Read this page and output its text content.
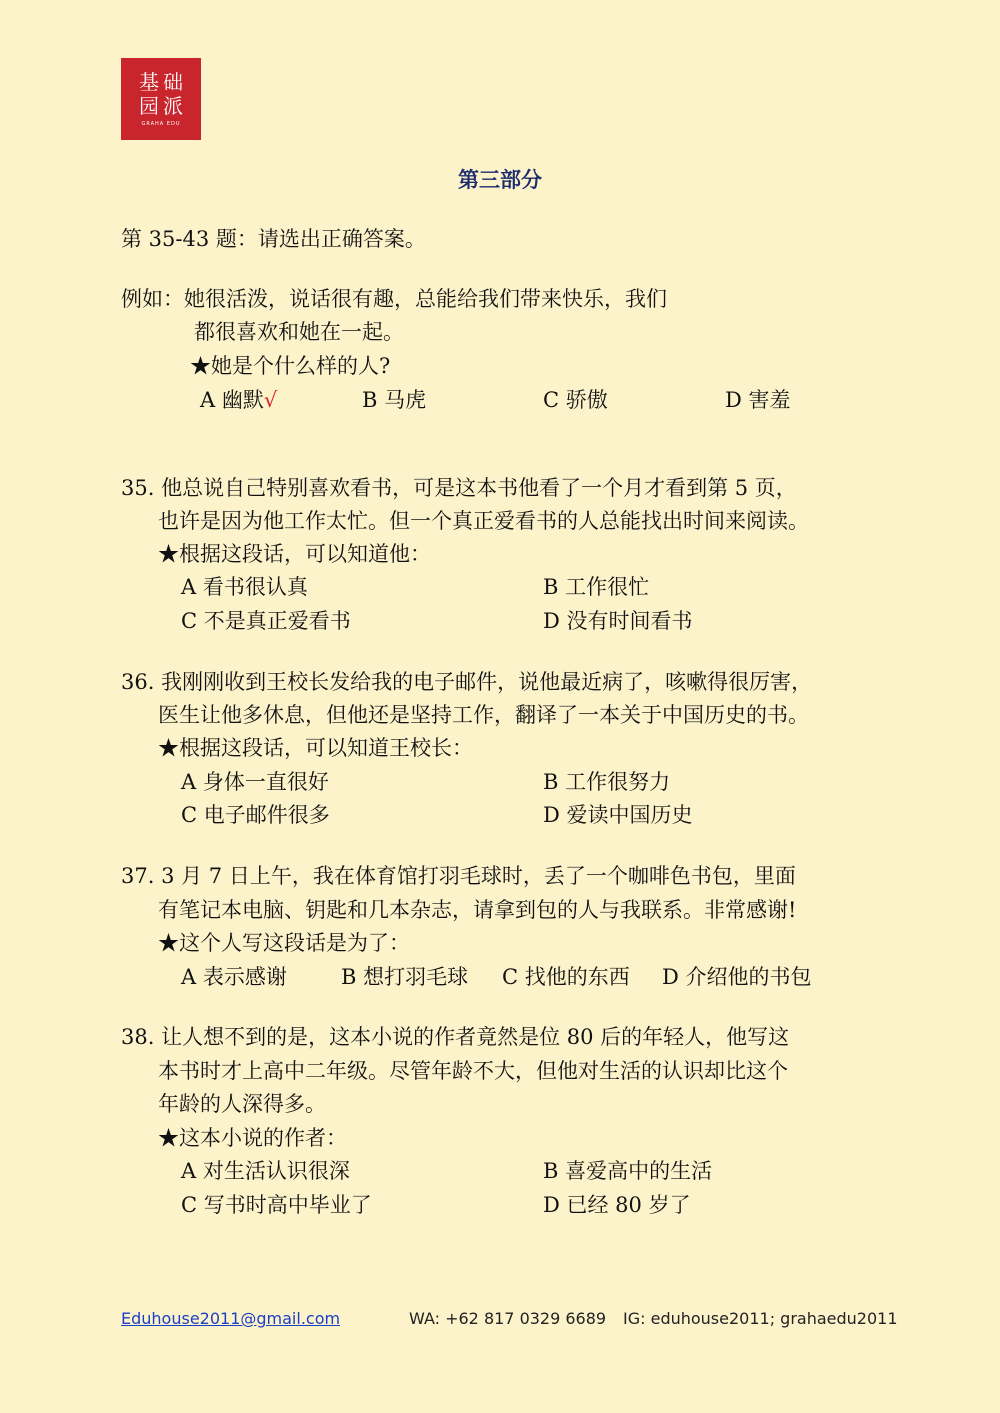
基 础
园 派
GRAHA EDU
第三部分
第 35-43 题：请选出正确答案。
例如：她很活泼，说话很有趣，总能给我们带来快乐，我们
都很喜欢和她在一起。
★她是个什么样的人?
A 幽默√	B 马虎	C 骄傲	D 害羞
35. 他总说自己特别喜欢看书，可是这本书他看了一个月才看到第 5 页，
也许是因为他工作太忙。但一个真正爱看书的人总能找出时间来阅读。
★根据这段话，可以知道他：
A 看书很认真	B 工作很忙
C 不是真正爱看书	D 没有时间看书
36. 我刚刚收到王校长发给我的电子邮件，说他最近病了，咳嗽得很厉害，
医生让他多休息，但他还是坚持工作，翻译了一本关于中国历史的书。
★根据这段话，可以知道王校长：
A 身体一直很好	B 工作很努力
C 电子邮件很多	D 爱读中国历史
37. 3 月 7 日上午，我在体育馆打羽毛球时，丢了一个咖啡色书包，里面
有笔记本电脑、钥匙和几本杂志，请拿到包的人与我联系。非常感谢!
★这个人写这段话是为了：
A 表示感谢	B 想打羽毛球 C 找他的东西 D 介绍他的书包
38. 让人想不到的是，这本小说的作者竟然是位 80 后的年轻人，他写这
本书时才上高中二年级。尽管年龄不大，但他对生活的认识却比这个
年龄的人深得多。
★这本小说的作者：
A 对生活认识很深	B 喜爱高中的生活
C 写书时高中毕业了	D 已经 80 岁了
Eduhouse2011@gmail.com	WA: +62 817 0329 6689 IG: eduhouse2011; grahaedu2011
